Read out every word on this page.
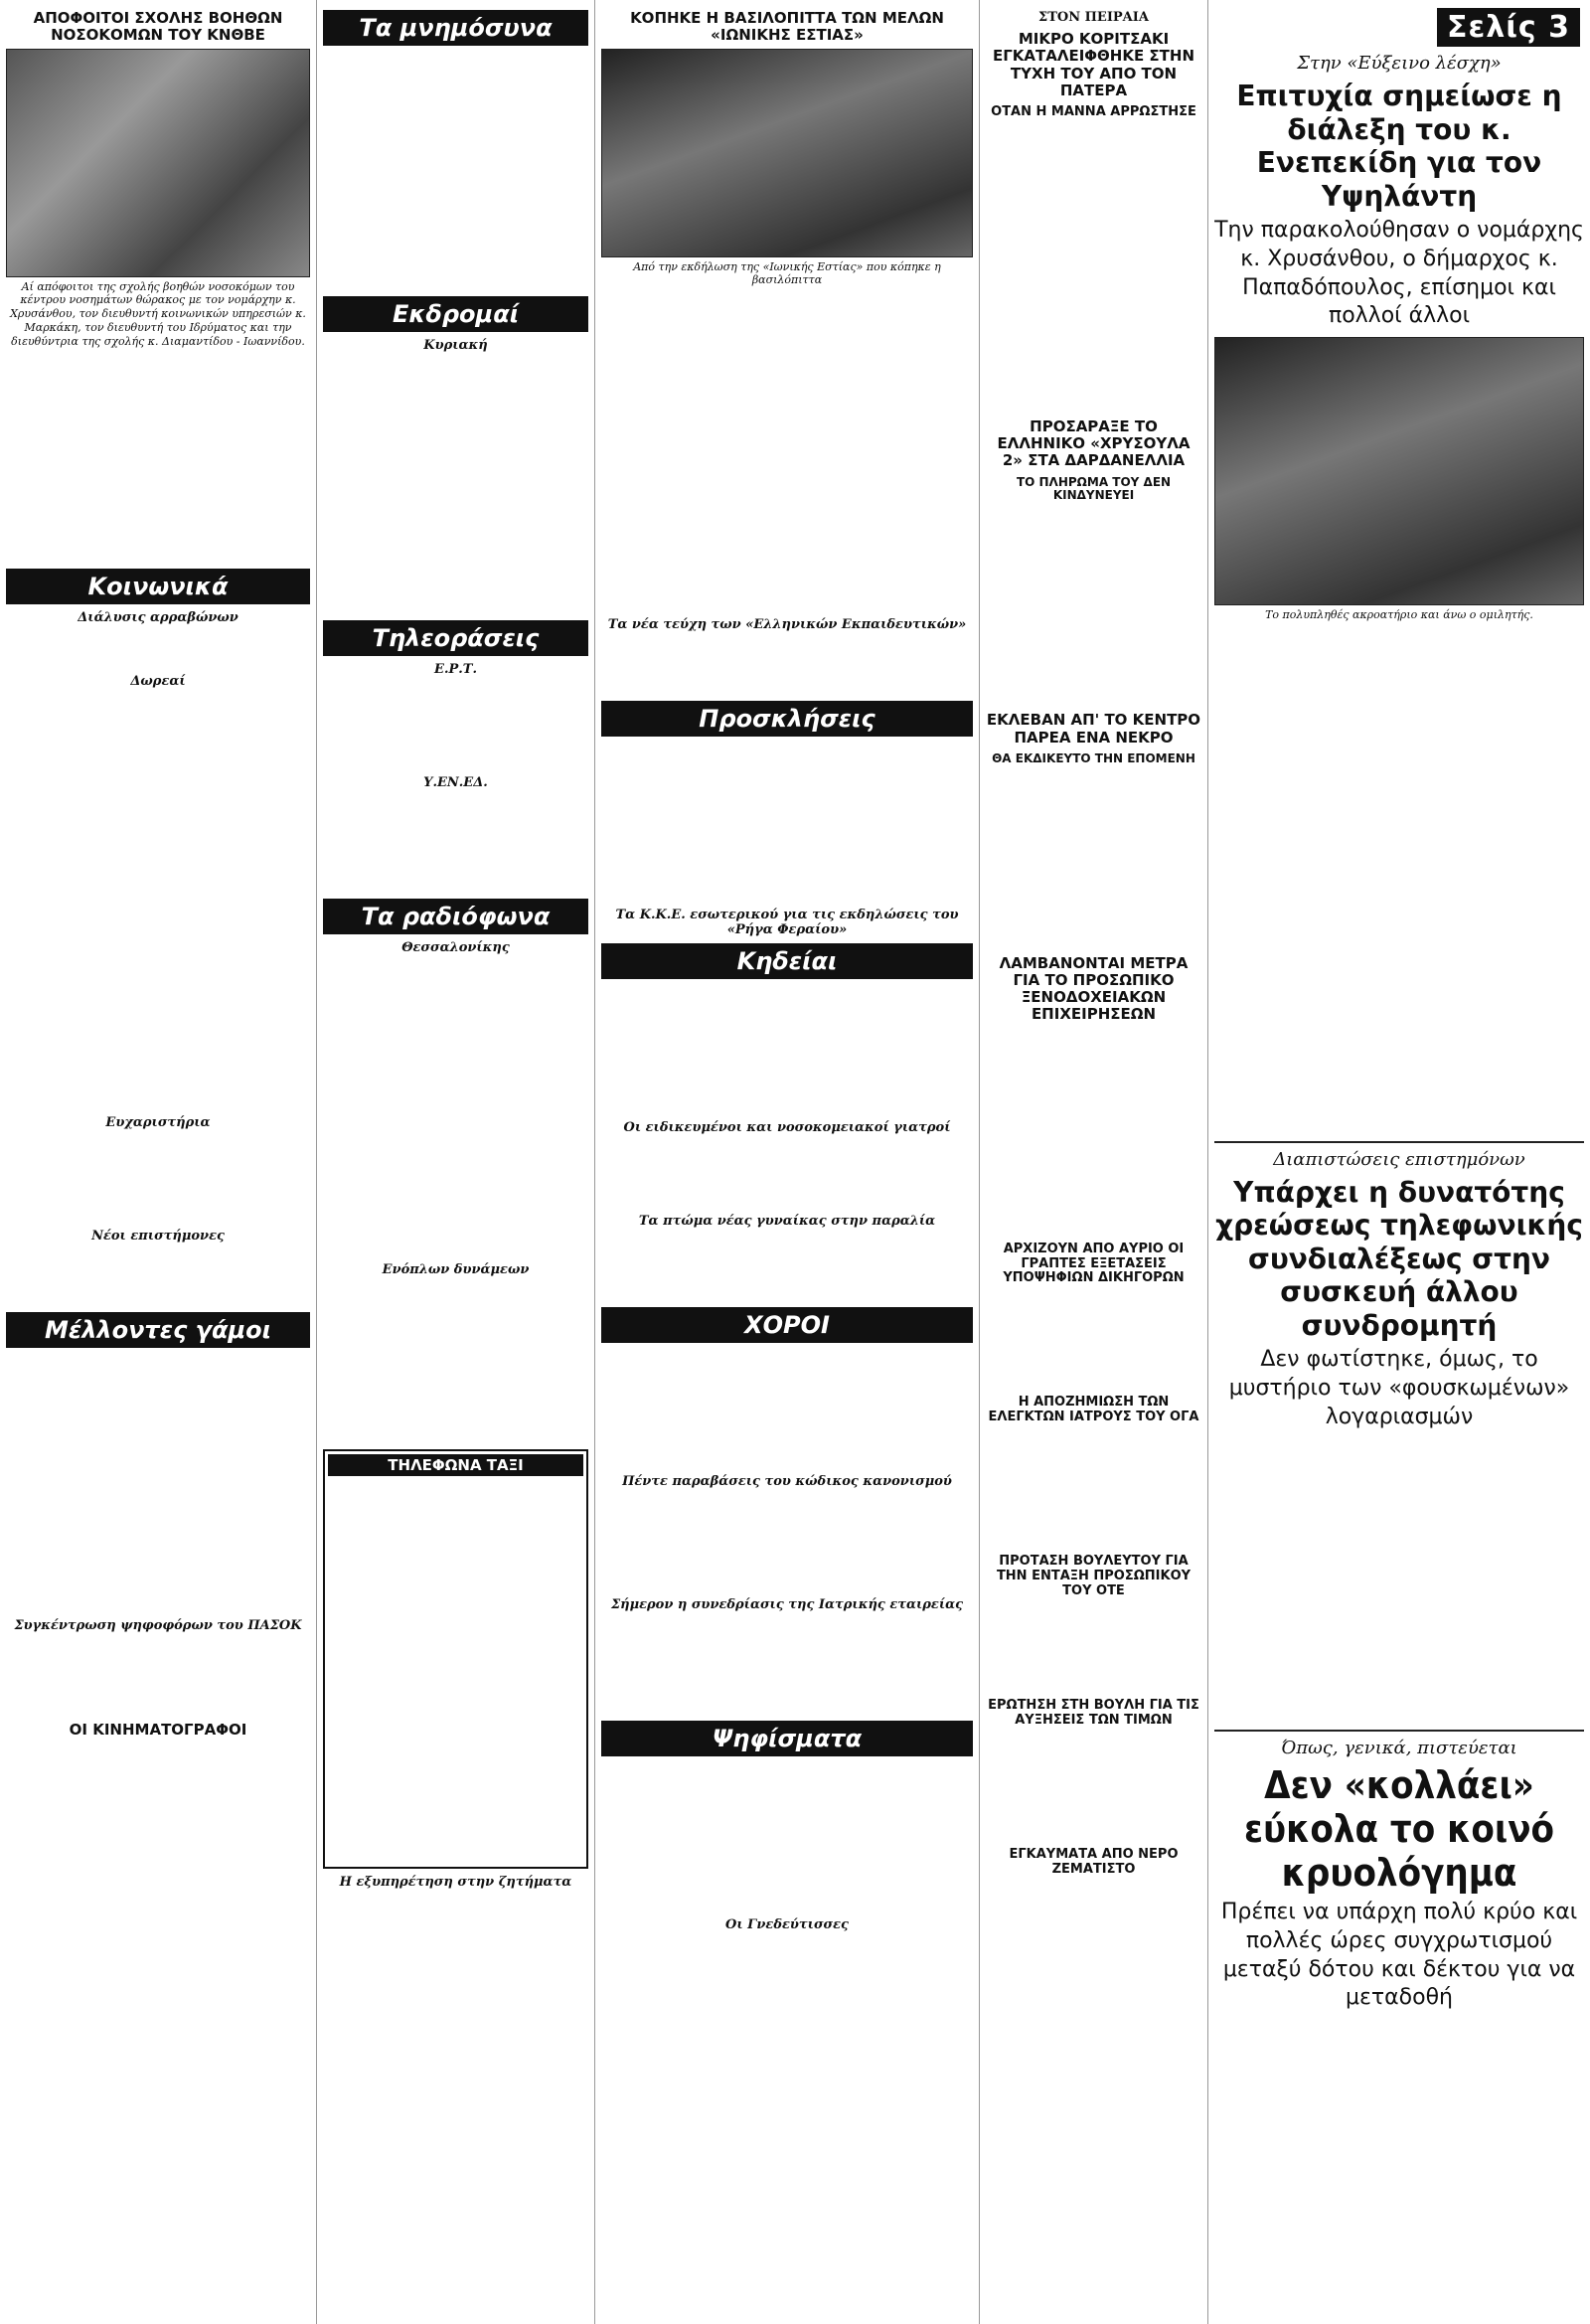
ΑΠΟΦΟΙΤΟΙ ΣΧΟΛΗΣ ΒΟΗΘΩΝ ΝΟΣΟΚΟΜΩΝ ΤΟΥ ΚΝΘΒΕ
Αί απόφοιτοι της σχολής βοηθών νοσοκόμων του κέντρου νοσημάτων θώρακος με τον νομάρχην κ. Χρυσάνθου, τον διευθυντή κοινωνικών υπηρεσιών κ. Μαρκάκη, τον διευθυντή του Ιδρύματος και την διευθύντρια της σχολής κ. Διαμαντίδου - Ιωαννίδου.
Κοινωνικά
Διάλυσις αρραβώνων
Δωρεαί
Ευχαριστήρια
Νέοι επιστήμονες
Μέλλοντες γάμοι
Συγκέντρωση ψηφοφόρων του ΠΑΣΟΚ
ΟΙ ΚΙΝΗΜΑΤΟΓΡΑΦΟΙ
Τα μνημόσυνα
Εκδρομαί
Κυριακή
Τηλεοράσεις
Ε.Ρ.Τ.
Υ.ΕΝ.ΕΔ.
Τα ραδιόφωνα
Θεσσαλονίκης
Ενόπλων δυνάμεων
ΤΗΛΕΦΩΝΑ ΤΑΞΙ
Η εξυπηρέτηση στην ζητήματα
ΚΟΠΗΚΕ Η ΒΑΣΙΛΟΠΙΤΤΑ ΤΩΝ ΜΕΛΩΝ «ΙΩΝΙΚΗΣ ΕΣΤΙΑΣ»
Από την εκδήλωση της «Ιωνικής Εστίας» που κόπηκε η βασιλόπιττα
Τα νέα τεύχη των «Ελληνικών Εκπαιδευτικών»
Προσκλήσεις
Τα Κ.Κ.Ε. εσωτερικού για τις εκδηλώσεις του «Ρήγα Φεραίου»
Κηδείαι
Οι ειδικευμένοι και νοσοκομειακοί γιατροί
Τα πτώμα νέας γυναίκας στην παραλία
ΧΟΡΟΙ
Πέντε παραβάσεις του κώδικος κανονισμού
Σήμερον η συνεδρίασις της Ιατρικής εταιρείας
Ψηφίσματα
Οι Γνεδεύτισσες
ΣΤΟΝ ΠΕΙΡΑΙΑ
ΜΙΚΡΟ ΚΟΡΙΤΣΑΚΙ ΕΓΚΑΤΑΛΕΙΦΘΗΚΕ ΣΤΗΝ ΤΥΧΗ ΤΟΥ ΑΠΟ ΤΟΝ ΠΑΤΕΡΑ
ΟΤΑΝ Η ΜΑΝΝΑ ΑΡΡΩΣΤΗΣΕ
ΠΡΟΣΑΡΑΞΕ ΤΟ ΕΛΛΗΝΙΚΟ «ΧΡΥΣΟΥΛΑ 2» ΣΤΑ ΔΑΡΔΑΝΕΛΛΙΑ
ΤΟ ΠΛΗΡΩΜΑ ΤΟΥ ΔΕΝ ΚΙΝΔΥΝΕΥΕΙ
ΕΚΛΕΒΑΝ ΑΠ' ΤΟ ΚΕΝΤΡΟ ΠΑΡΕΑ ΕΝΑ ΝΕΚΡΟ
ΘΑ ΕΚΔΙΚΕΥΤΟ ΤΗΝ ΕΠΟΜΕΝΗ
ΛΑΜΒΑΝΟΝΤΑΙ ΜΕΤΡΑ ΓΙΑ ΤΟ ΠΡΟΣΩΠΙΚΟ ΞΕΝΟΔΟΧΕΙΑΚΩΝ ΕΠΙΧΕΙΡΗΣΕΩΝ
ΑΡΧΙΖΟΥΝ ΑΠΟ ΑΥΡΙΟ ΟΙ ΓΡΑΠΤΕΣ ΕΞΕΤΑΣΕΙΣ ΥΠΟΨΗΦΙΩΝ ΔΙΚΗΓΟΡΩΝ
Η ΑΠΟΖΗΜΙΩΣΗ ΤΩΝ ΕΛΕΓΚΤΩΝ ΙΑΤΡΟΥΣ ΤΟΥ ΟΓΑ
ΠΡΟΤΑΣΗ ΒΟΥΛΕΥΤΟΥ ΓΙΑ ΤΗΝ ΕΝΤΑΞΗ ΠΡΟΣΩΠΙΚΟΥ ΤΟΥ ΟΤΕ
ΕΡΩΤΗΣΗ ΣΤΗ ΒΟΥΛΗ ΓΙΑ ΤΙΣ ΑΥΞΗΣΕΙΣ ΤΩΝ ΤΙΜΩΝ
ΕΓΚΑΥΜΑΤΑ ΑΠΟ ΝΕΡΟ ΖΕΜΑΤΙΣΤΟ
Σελίς 3
Στην «Εύξεινο λέσχη»
Επιτυχία σημείωσε η διάλεξη του κ. Ενεπεκίδη για τον Υψηλάντη
Την παρακολούθησαν ο νομάρχης κ. Χρυσάνθου, ο δήμαρχος κ. Παπαδόπουλος, επίσημοι και πολλοί άλλοι
Το πολυπληθές ακροατήριο και άνω ο ομιλητής.
Διαπιστώσεις επιστημόνων
Υπάρχει η δυνατότης χρεώσεως τηλεφωνικής συνδιαλέξεως στην συσκευή άλλου συνδρομητή
Δεν φωτίστηκε, όμως, το μυστήριο των «φουσκωμένων» λογαριασμών
Όπως, γενικά, πιστεύεται
Δεν «κολλάει» εύκολα το κοινό κρυολόγημα
Πρέπει να υπάρχη πολύ κρύο και πολλές ώρες συγχρωτισμού μεταξύ δότου και δέκτου για να μεταδοθή
